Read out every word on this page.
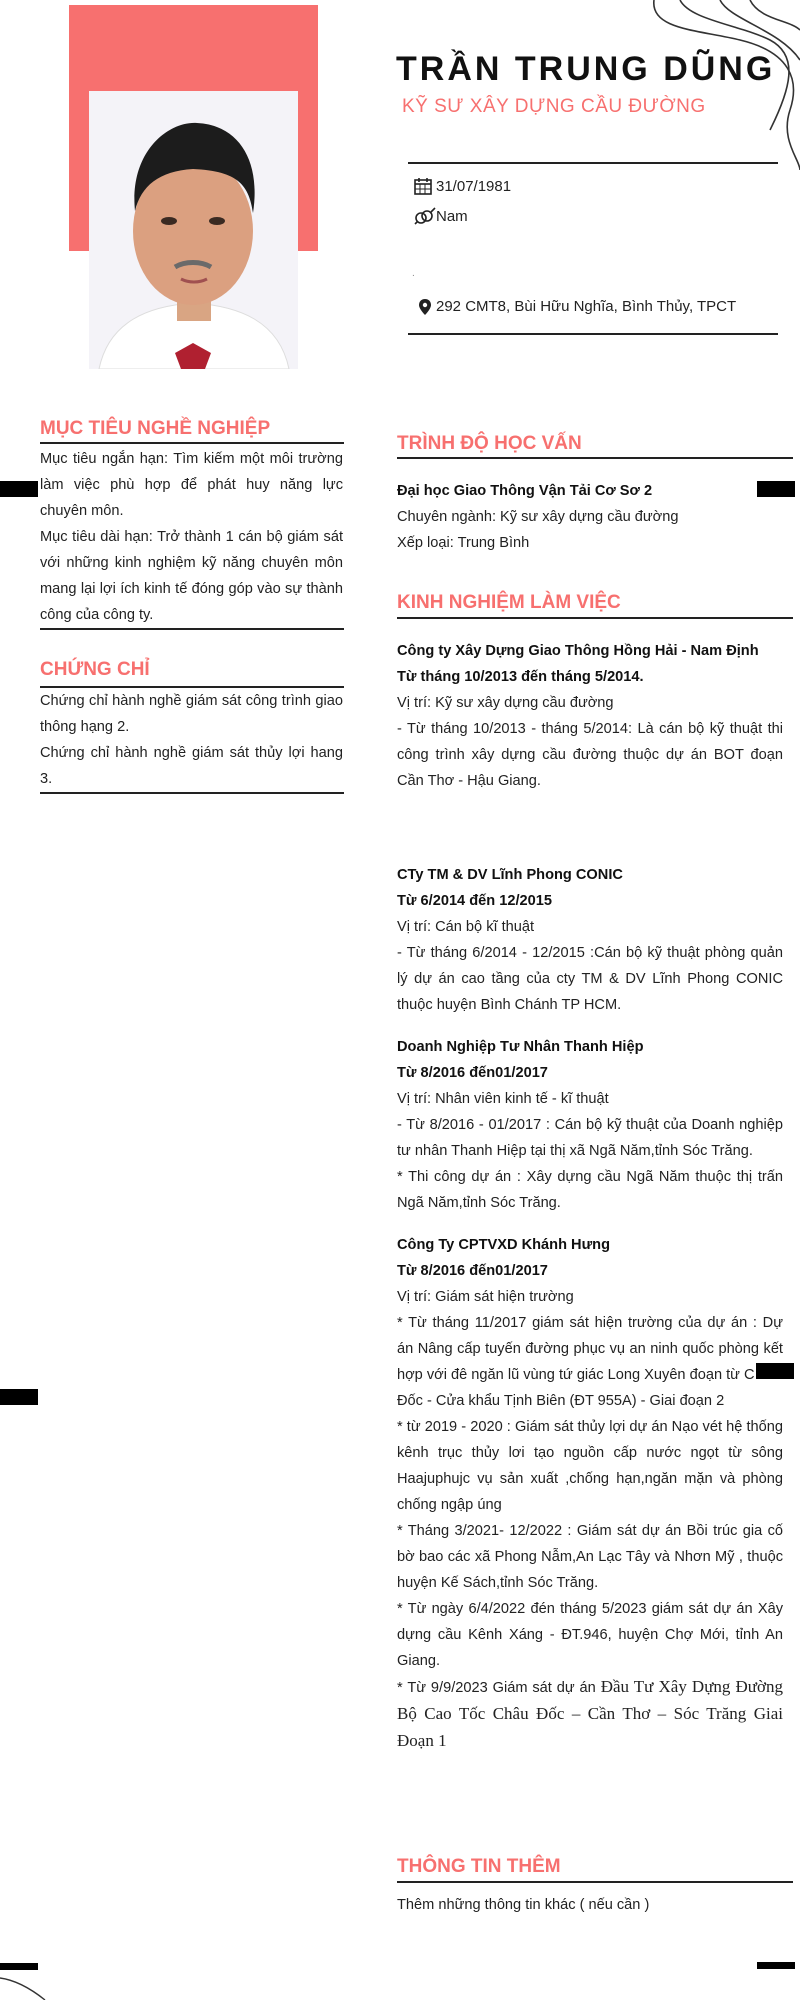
TRẦN TRUNG DŨNG
KỸ SƯ XÂY DỰNG CẦU ĐƯỜNG
31/07/1981
Nam
.
292 CMT8, Bùi Hữu Nghĩa, Bình Thủy, TPCT
MỤC TIÊU NGHỀ NGHIỆP

Mục tiêu ngắn hạn: Tìm kiếm một môi trường làm việc phù hợp để phát huy năng lực chuyên môn.

Mục tiêu dài hạn: Trở thành 1 cán bộ giám sát với những kinh nghiệm kỹ năng chuyên môn mang lại lợi ích kinh tế đóng góp vào sự thành công của công ty.

CHỨNG CHỈ

Chứng chỉ hành nghề giám sát công trình giao thông hạng 2.

Chứng chỉ hành nghề giám sát thủy lợi hang 3.

TRÌNH ĐỘ HỌC VẤN

Đại học Giao Thông Vận Tải Cơ Sơ 2

Chuyên ngành: Kỹ sư xây dựng cầu đường

Xếp loại: Trung Bình

KINH NGHIỆM LÀM VIỆC

Công ty Xây Dựng Giao Thông Hồng Hải - Nam Định

Từ tháng 10/2013 đến tháng 5/2014.

Vị trí: Kỹ sư xây dựng cầu đường

- Từ tháng 10/2013 - tháng 5/2014: Là cán bộ kỹ thuật thi công trình xây dựng cầu đường thuộc dự án BOT đoạn Cần Thơ - Hậu Giang.

CTy TM & DV Lĩnh Phong CONIC

Từ 6/2014 đến 12/2015

Vị trí: Cán bộ kĩ thuật

- Từ tháng 6/2014 - 12/2015 :Cán bộ kỹ thuật phòng quản lý dự án cao tầng của cty TM & DV Lĩnh Phong CONIC thuộc huyện Bình Chánh TP HCM.

Doanh Nghiệp Tư Nhân Thanh Hiệp

Từ 8/2016 đến01/2017

Vị trí: Nhân viên kinh tế - kĩ thuật

- Từ 8/2016 - 01/2017 : Cán bộ kỹ thuật của Doanh nghiệp tư nhân Thanh Hiệp tại thị xã Ngã Năm,tỉnh Sóc Trăng.

* Thi công dự án : Xây dựng cầu Ngã Năm thuộc thị trấn Ngã Năm,tỉnh Sóc Trăng.

Công Ty CPTVXD Khánh Hưng

Từ 8/2016 đến01/2017

Vị trí: Giám sát hiện trường

* Từ tháng 11/2017 giám sát hiện trường của dự án : Dự án Nâng cấp tuyến đường phục vụ an ninh quốc phòng kết hợp với đê ngăn lũ vùng tứ giác Long Xuyên đoạn từ C

Đốc - Cửa khẩu Tịnh Biên (ĐT 955A) - Giai đoạn 2

* từ 2019 - 2020 : Giám sát thủy lợi dự án Nạo vét hệ thống kênh trục thủy lơi tạo nguồn cấp nước ngọt từ sông Haajuphujc vụ sản xuất ,chống hạn,ngăn mặn và phòng chống ngập úng

* Tháng 3/2021- 12/2022 : Giám sát dự án Bồi trúc gia cố bờ bao các xã Phong Nẫm,An Lạc Tây và Nhơn Mỹ , thuộc huyện Kế Sách,tỉnh Sóc Trăng.

* Từ ngày 6/4/2022 đén tháng 5/2023 giám sát dự án Xây dựng cầu Kênh Xáng - ĐT.946, huyện Chợ Mới, tỉnh An Giang.

* Từ 9/9/2023 Giám sát dự án Đầu Tư Xây Dựng Đường Bộ Cao Tốc Châu Đốc – Cần Thơ – Sóc Trăng Giai Đoạn 1

THÔNG TIN THÊM
Thêm những thông tin khác ( nếu cần )
